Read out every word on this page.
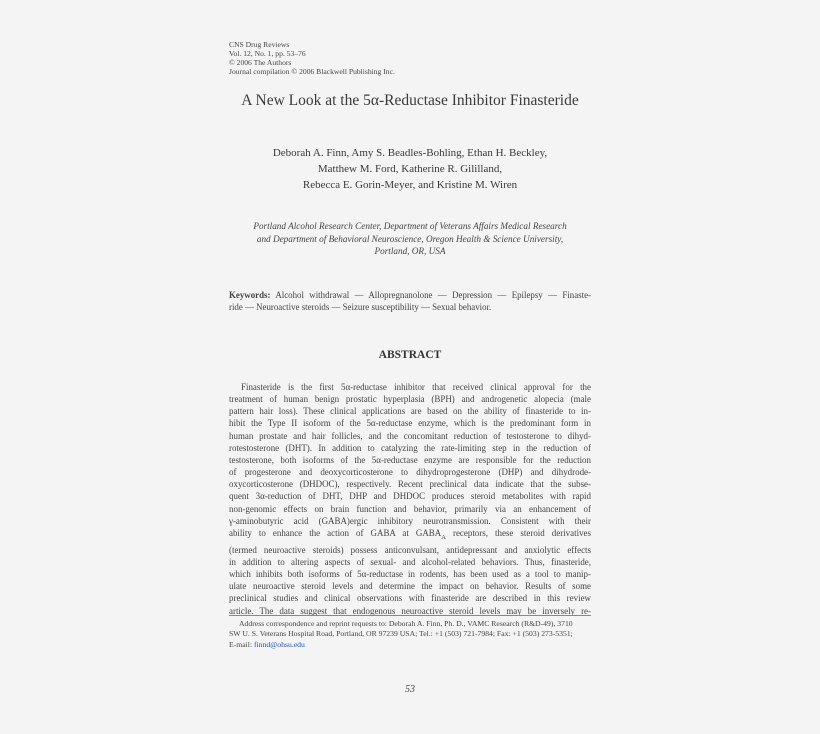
CNS Drug Reviews
Vol. 12, No. 1, pp. 53–76
© 2006 The Authors
Journal compilation © 2006 Blackwell Publishing Inc.
A New Look at the 5α-Reductase Inhibitor Finasteride
Deborah A. Finn, Amy S. Beadles-Bohling, Ethan H. Beckley,
Matthew M. Ford, Katherine R. Gililland,
Rebecca E. Gorin-Meyer, and Kristine M. Wiren
Portland Alcohol Research Center, Department of Veterans Affairs Medical Research
and Department of Behavioral Neuroscience, Oregon Health & Science University,
Portland, OR, USA
Keywords: Alcohol withdrawal — Allopregnanolone — Depression — Epilepsy — Finaste-
ride — Neuroactive steroids — Seizure susceptibility — Sexual behavior.
ABSTRACT
Finasteride is the first 5α-reductase inhibitor that received clinical approval for the
treatment of human benign prostatic hyperplasia (BPH) and androgenetic alopecia (male
pattern hair loss). These clinical applications are based on the ability of finasteride to in-
hibit the Type II isoform of the 5α-reductase enzyme, which is the predominant form in
human prostate and hair follicles, and the concomitant reduction of testosterone to dihyd-
rotestosterone (DHT). In addition to catalyzing the rate-limiting step in the reduction of
testosterone, both isoforms of the 5α-reductase enzyme are responsible for the reduction
of progesterone and deoxycorticosterone to dihydroprogesterone (DHP) and dihydrode-
oxycorticosterone (DHDOC), respectively. Recent preclinical data indicate that the subse-
quent 3α-reduction of DHT, DHP and DHDOC produces steroid metabolites with rapid
non-genomic effects on brain function and behavior, primarily via an enhancement of
γ-aminobutyric acid (GABA)ergic inhibitory neurotransmission. Consistent with their
ability to enhance the action of GABA at $GABA_A$ receptors, these steroid derivatives
(termed neuroactive steroids) possess anticonvulsant, antidepressant and anxiolytic effects
in addition to altering aspects of sexual- and alcohol-related behaviors. Thus, finasteride,
which inhibits both isoforms of 5α-reductase in rodents, has been used as a tool to manip-
ulate neuroactive steroid levels and determine the impact on behavior. Results of some
preclinical studies and clinical observations with finasteride are described in this review
article. The data suggest that endogenous neuroactive steroid levels may be inversely re-
Address correspondence and reprint requests to: Deborah A. Finn, Ph. D., VAMC Research (R&D-49), 3710
SW U. S. Veterans Hospital Road, Portland, OR 97239 USA; Tel.: +1 (503) 721-7984; Fax: +1 (503) 273-5351;
E-mail: finnd@ohsu.edu
53
